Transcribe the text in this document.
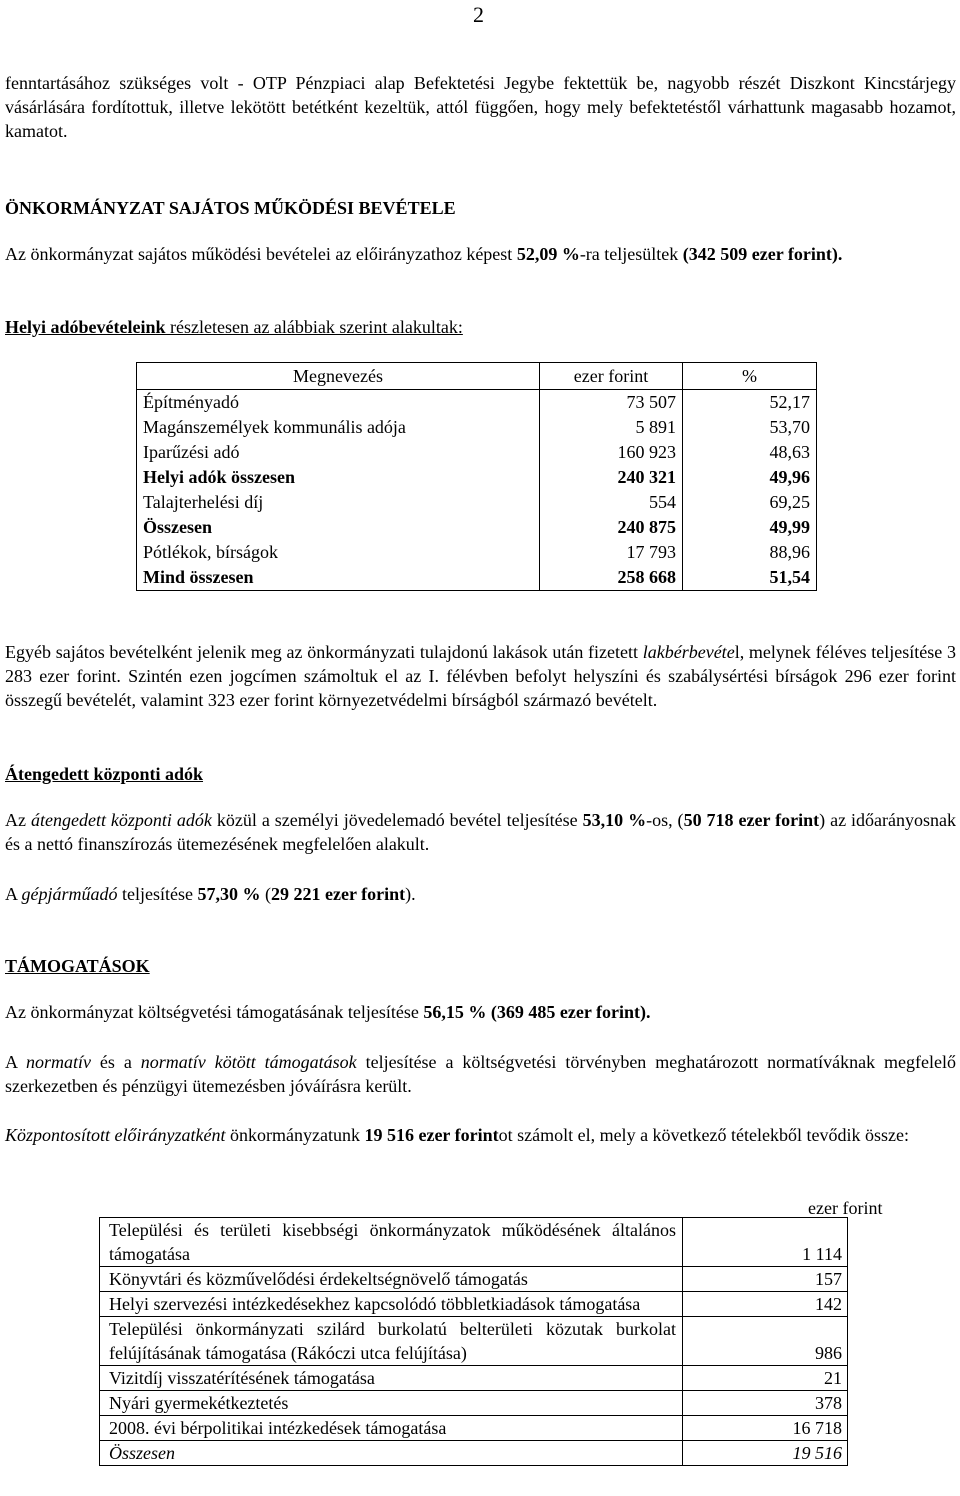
2

fenntartásához szükséges volt - OTP Pénzpiaci alap Befektetési Jegybe fektettük be, nagyobb részét Diszkont Kincstárjegy vásárlására fordítottuk, illetve lekötött betétként kezeltük, attól függően, hogy mely befektetéstől várhattunk magasabb hozamot, kamatot.

ÖNKORMÁNYZAT SAJÁTOS MŰKÖDÉSI BEVÉTELE

Az önkormányzat sajátos működési bevételei az előirányzathoz képest 52,09 %-ra teljesültek (342 509 ezer forint).

Helyi adóbevételeink részletesen az alábbiak szerint alakultak:

Megnevezés	ezer forint	%
Építményadó	73 507	52,17
Magánszemélyek kommunális adója	5 891	53,70
Iparűzési adó	160 923	48,63
Helyi adók összesen	240 321	49,96
Talajterhelési díj	554	69,25
Összesen	240 875	49,99
Pótlékok, bírságok	17 793	88,96
Mind összesen	258 668	51,54

Egyéb sajátos bevételként jelenik meg az önkormányzati tulajdonú lakások után fizetett lakbérbevétel, melynek féléves teljesítése 3 283 ezer forint. Szintén ezen jogcímen számoltuk el az I. félévben befolyt helyszíni és szabálysértési bírságok 296 ezer forint összegű bevételét, valamint 323 ezer forint környezetvédelmi bírságból származó bevételt.

Átengedett központi adók

Az átengedett központi adók közül a személyi jövedelemadó bevétel teljesítése 53,10 %-os, (50 718 ezer forint) az időarányosnak és a nettó finanszírozás ütemezésének megfelelően alakult.

A gépjárműadó teljesítése 57,30 % (29 221 ezer forint).

TÁMOGATÁSOK

Az önkormányzat költségvetési támogatásának teljesítése 56,15 % (369 485 ezer forint).

A normatív és a normatív kötött támogatások teljesítése a költségvetési törvényben meghatározott normatíváknak megfelelő szerkezetben és pénzügyi ütemezésben jóváírásra került.

Központosított előirányzatként önkormányzatunk 19 516 ezer forintot számolt el, mely a következő tételekből tevődik össze:

ezer forint
Települési és területi kisebbségi önkormányzatok működésének általános támogatása	1 114
Könyvtári és közművelődési érdekeltségnövelő támogatás	157
Helyi szervezési intézkedésekhez kapcsolódó többletkiadások támogatása	142
Települési önkormányzati szilárd burkolatú belterületi közutak burkolat felújításának támogatása (Rákóczi utca felújítása)	986
Vizitdíj visszatérítésének támogatása	21
Nyári gyermekétkeztetés	378
2008. évi bérpolitikai intézkedések támogatása	16 718
Összesen	19 516
